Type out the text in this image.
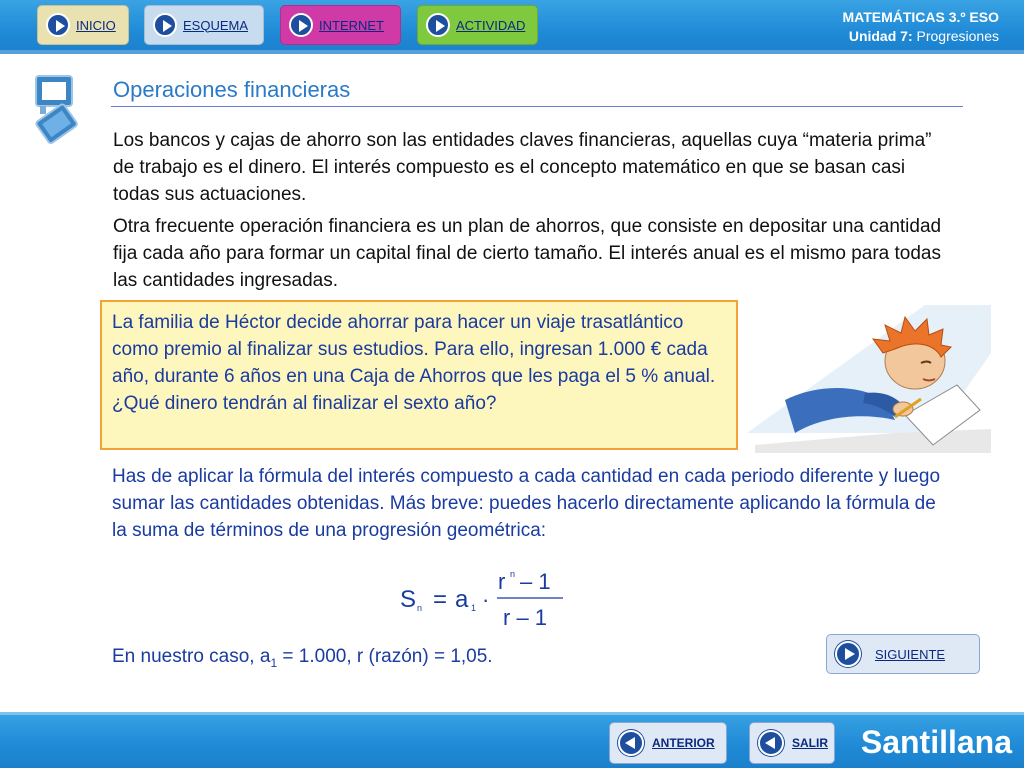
INICIO	ESQUEMA	INTERNET	ACTIVIDAD	MATEMÁTICAS 3.º ESO
Unidad 7: Progresiones
Operaciones financieras

Los bancos y cajas de ahorro son las entidades claves financieras, aquellas cuya “materia prima” de trabajo es el dinero. El interés compuesto es el concepto matemático en que se basan casi todas sus actuaciones.

Otra frecuente operación financiera es un plan de ahorros, que consiste en depositar una cantidad fija cada año para formar un capital final de cierto tamaño. El interés anual es el mismo para todas las cantidades ingresadas.

La familia de Héctor decide ahorrar para hacer un viaje trasatlántico como premio al finalizar sus estudios. Para ello, ingresan 1.000 € cada año, durante 6 años en una Caja de Ahorros que les paga el 5 % anual. ¿Qué dinero tendrán al finalizar el sexto año?

Has de aplicar la fórmula del interés compuesto a cada cantidad en cada periodo diferente y luego sumar las cantidades obtenidas. Más breve: puedes hacerlo directamente aplicando la fórmula de la suma de términos de una progresión geométrica:

S n = a 1 ·
r n – 1
r – 1
En nuestro caso, $a_1 = 1.000$, r (razón) = 1,05.	SIGUIENTE
ANTERIOR	SALIR Santillana
